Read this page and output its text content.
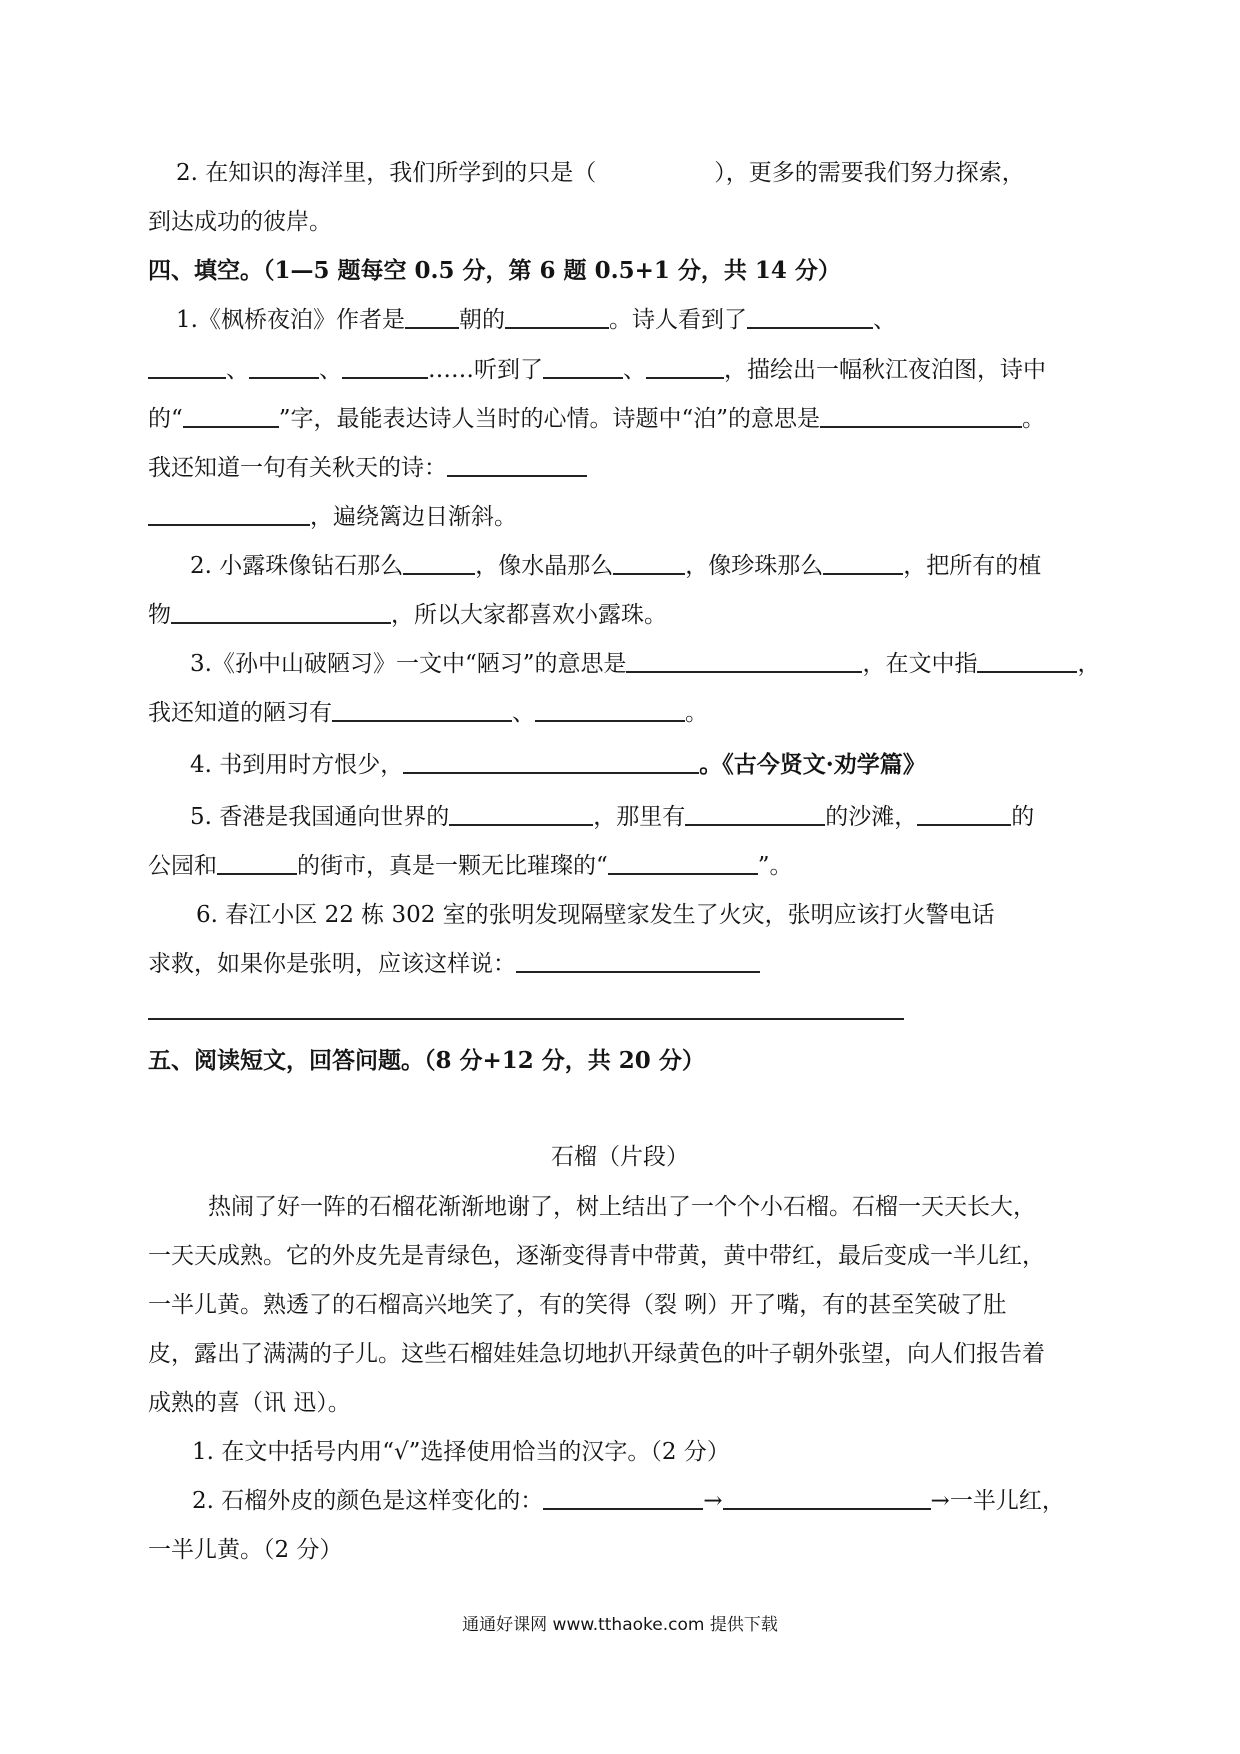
2. 在知识的海洋里，我们所学到的只是（	），更多的需要我们努力探索，
到达成功的彼岸。
四、填空。（1—5 题每空 0.5 分，第 6 题 0.5+1 分，共 14 分）
1.《枫桥夜泊》作者是 朝的	。诗人看到了	、
、	、	……听到了	、	，描绘出一幅秋江夜泊图，诗中
的“	”字，最能表达诗人当时的心情。诗题中“泊”的意思是	。
我还知道一句有关秋天的诗：
，遍绕篱边日渐斜。
2. 小露珠像钻石那么	，像水晶那么	，像珍珠那么	，把所有的植
物	，所以大家都喜欢小露珠。
3.《孙中山破陋习》一文中“陋习”的意思是	，在文中指	，
我还知道的陋习有	、	。
4. 书到用时方恨少，	。《古今贤文·劝学篇》
5. 香港是我国通向世界的	，那里有	的沙滩，	的
公园和	的街市，真是一颗无比璀璨的“	”。
6. 春江小区 22 栋 302 室的张明发现隔壁家发生了火灾，张明应该打火警电话
求救，如果你是张明，应该这样说：
五、阅读短文，回答问题。（8 分+12 分，共 20 分）
石榴（片段）
热闹了好一阵的石榴花渐渐地谢了，树上结出了一个个小石榴。石榴一天天长大，
一天天成熟。它的外皮先是青绿色，逐渐变得青中带黄，黄中带红，最后变成一半儿红，
一半儿黄。熟透了的石榴高兴地笑了，有的笑得（裂 咧）开了嘴，有的甚至笑破了肚
皮，露出了满满的子儿。这些石榴娃娃急切地扒开绿黄色的叶子朝外张望，向人们报告着
成熟的喜（讯 迅）。
1. 在文中括号内用“√”选择使用恰当的汉字。（2 分）
2. 石榴外皮的颜色是这样变化的：	→	→一半儿红，
一半儿黄。（2 分）
通通好课网 www.tthaoke.com 提供下载
